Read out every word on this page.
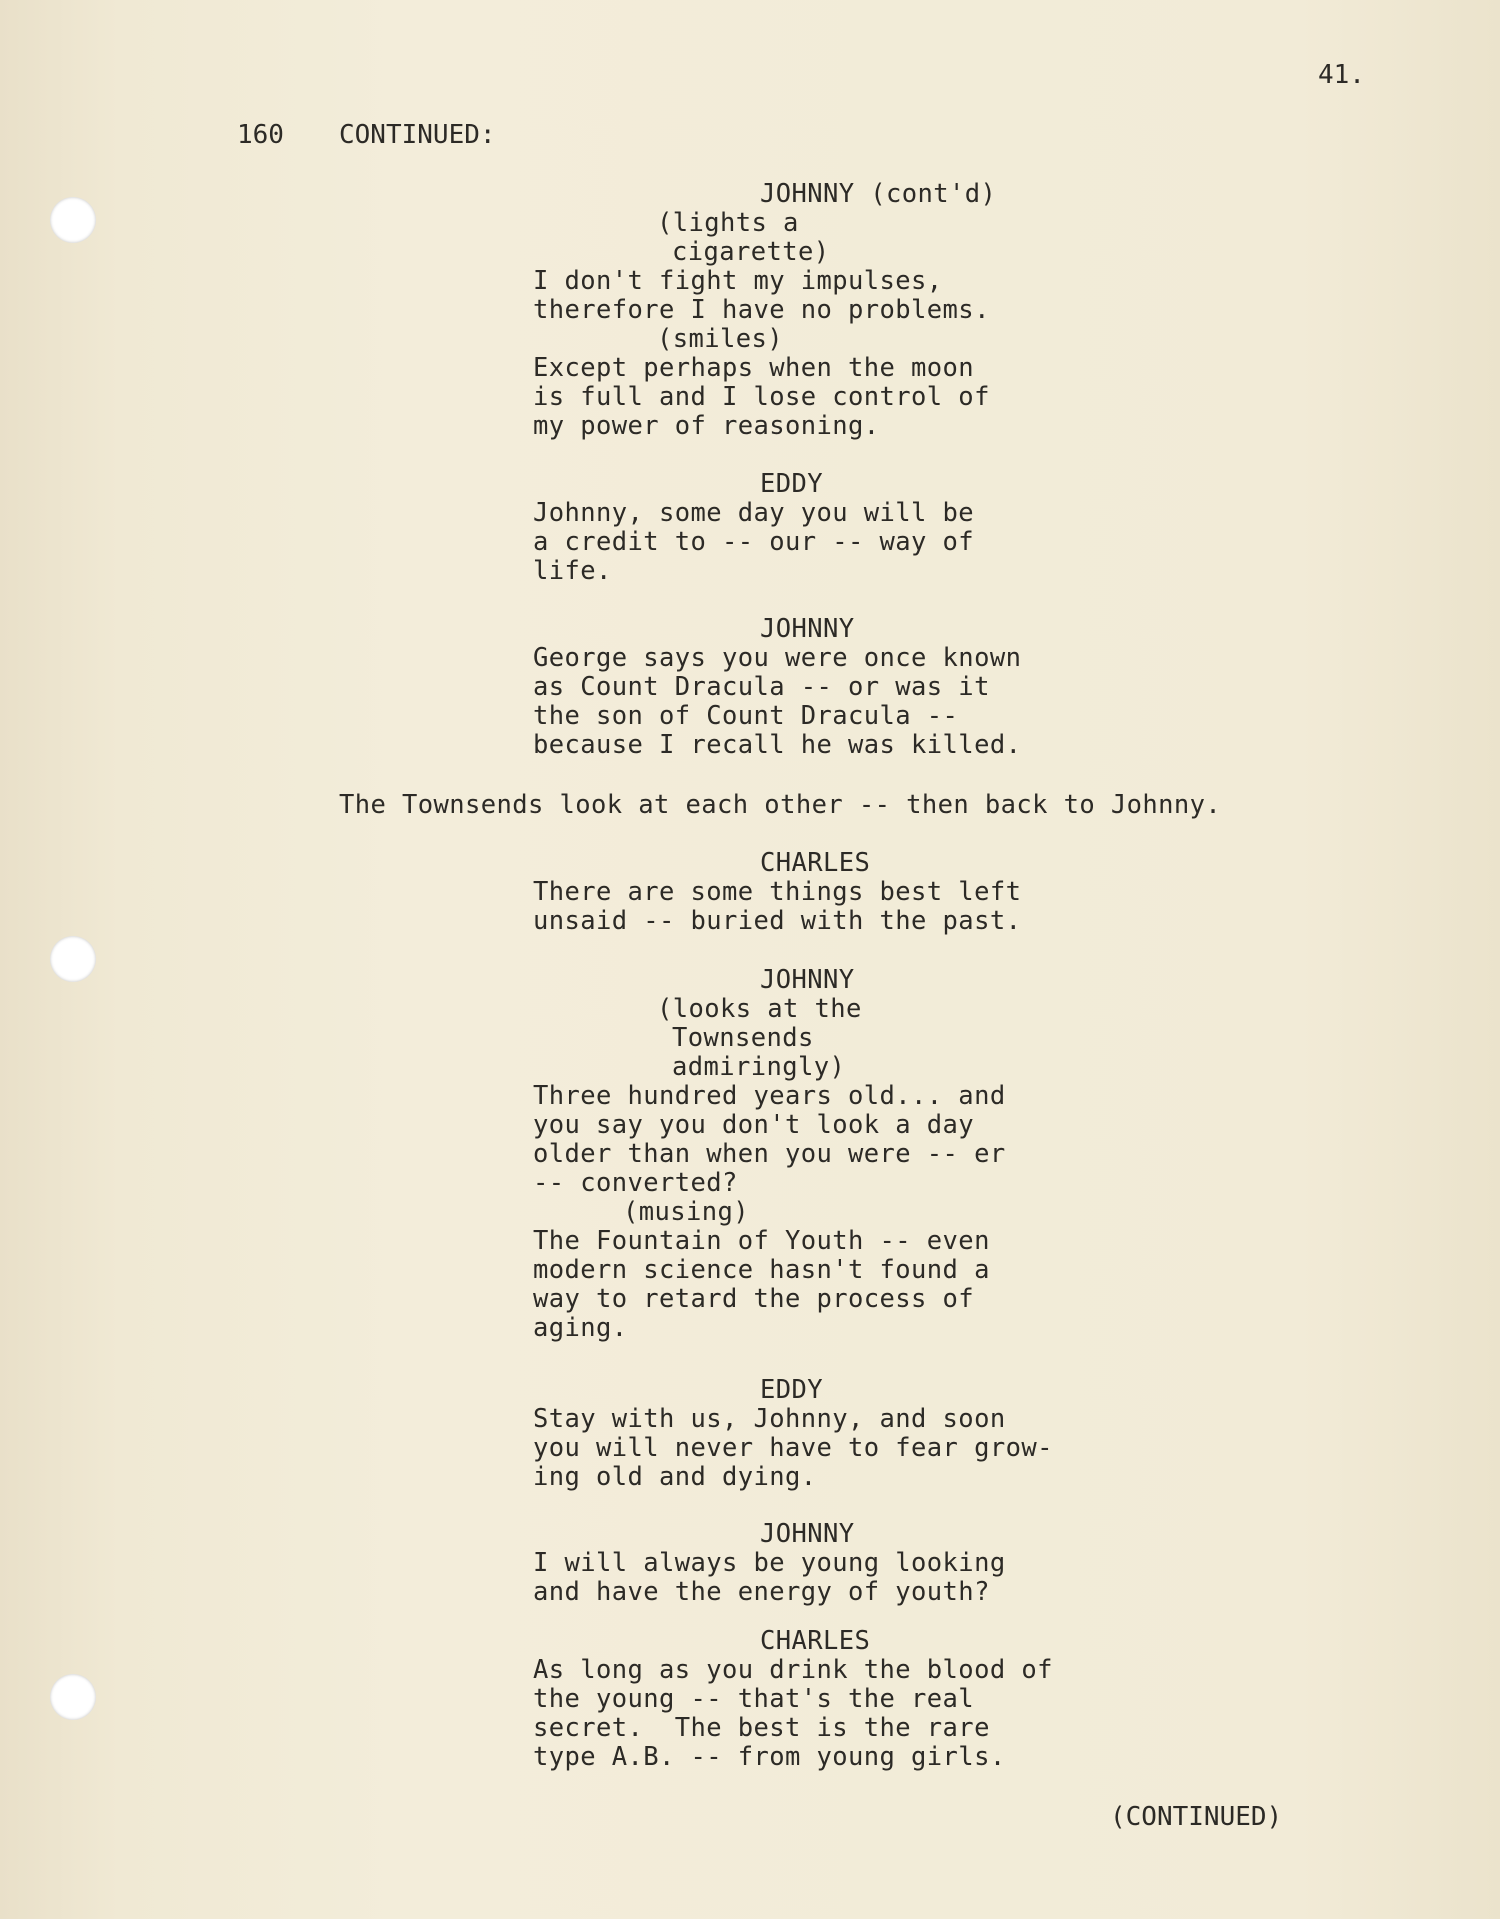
41.
160 CONTINUED:
JOHNNY (cont'd)
(lights a
cigarette)
I don't fight my impulses,
therefore I have no problems.
(smiles)
Except perhaps when the moon
is full and I lose control of
my power of reasoning.
EDDY
Johnny, some day you will be
a credit to -- our -- way of
life.
JOHNNY
George says you were once known
as Count Dracula -- or was it
the son of Count Dracula --
because I recall he was killed.
The Townsends look at each other -- then back to Johnny.
CHARLES
There are some things best left
unsaid -- buried with the past.
JOHNNY
(looks at the
Townsends
admiringly)
Three hundred years old... and
you say you don't look a day
older than when you were -- er
-- converted?
(musing)
The Fountain of Youth -- even
modern science hasn't found a
way to retard the process of
aging.
EDDY
Stay with us, Johnny, and soon
you will never have to fear grow-
ing old and dying.
JOHNNY
I will always be young looking
and have the energy of youth?
CHARLES
As long as you drink the blood of
the young -- that's the real
secret.  The best is the rare
type A.B. -- from young girls.
(CONTINUED)
